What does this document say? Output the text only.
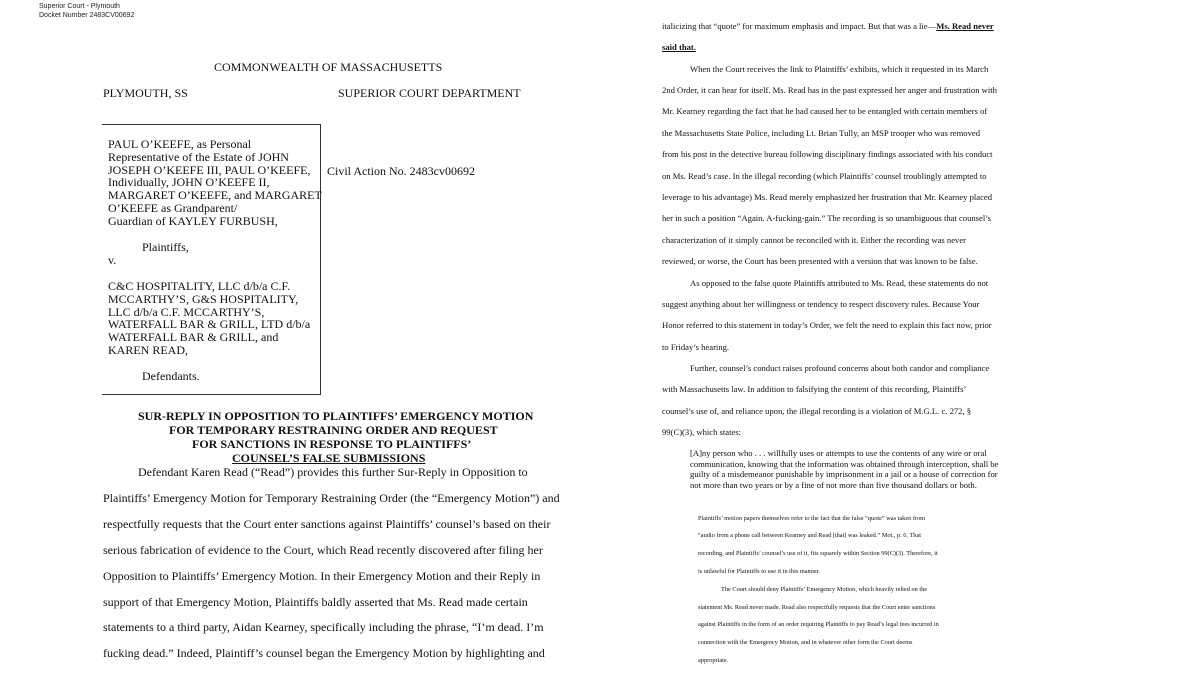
Superior Court - Plymouth
Docket Number 2483CV00692
COMMONWEALTH OF MASSACHUSETTS
PLYMOUTH, SS	SUPERIOR COURT DEPARTMENT
PAUL O’KEEFE, as Personal
Representative of the Estate of JOHN
JOSEPH O’KEEFE III, PAUL O’KEEFE,
Individually, JOHN O’KEEFE II,
MARGARET O’KEEFE, and MARGARET
O’KEEFE as Grandparent/
Guardian of KAYLEY FURBUSH,
Plaintiffs,
v.
C&C HOSPITALITY, LLC d/b/a C.F.
MCCARTHY’S, G&S HOSPITALITY,
LLC d/b/a C.F. MCCARTHY’S,
WATERFALL BAR & GRILL, LTD d/b/a
WATERFALL BAR & GRILL, and
KAREN READ,
Defendants.
Civil Action No. 2483cv00692
SUR-REPLY IN OPPOSITION TO PLAINTIFFS’ EMERGENCY MOTION
FOR TEMPORARY RESTRAINING ORDER AND REQUEST
FOR SANCTIONS IN RESPONSE TO PLAINTIFFS’
COUNSEL’S FALSE SUBMISSIONS
Defendant Karen Read (“Read”) provides this further Sur-Reply in Opposition to
Plaintiffs’ Emergency Motion for Temporary Restraining Order (the “Emergency Motion”) and
respectfully requests that the Court enter sanctions against Plaintiffs’ counsel’s based on their
serious fabrication of evidence to the Court, which Read recently discovered after filing her
Opposition to Plaintiffs’ Emergency Motion. In their Emergency Motion and their Reply in
support of that Emergency Motion, Plaintiffs baldly asserted that Ms. Read made certain
statements to a third party, Aidan Kearney, specifically including the phrase, “I’m dead. I’m
fucking dead.” Indeed, Plaintiff’s counsel began the Emergency Motion by highlighting and
italicizing that “quote” for maximum emphasis and impact. But that was a lie—Ms. Read never
said that.
When the Court receives the link to Plaintiffs’ exhibits, which it requested in its March
2nd Order, it can hear for itself. Ms. Read has in the past expressed her anger and frustration with
Mr. Kearney regarding the fact that he had caused her to be entangled with certain members of
the Massachusetts State Police, including Lt. Brian Tully, an MSP trooper who was removed
from his post in the detective bureau following disciplinary findings associated with his conduct
on Ms. Read’s case. In the illegal recording (which Plaintiffs’ counsel troublingly attempted to
leverage to his advantage) Ms. Read merely emphasized her frustration that Mr. Kearney placed
her in such a position “Again. A-fucking-gain.” The recording is so unambiguous that counsel’s
characterization of it simply cannot be reconciled with it. Either the recording was never
reviewed, or worse, the Court has been presented with a version that was known to be false.
As opposed to the false quote Plaintiffs attributed to Ms. Read, these statements do not
suggest anything about her willingness or tendency to respect discovery rules. Because Your
Honor referred to this statement in today’s Order, we felt the need to explain this fact now, prior
to Friday’s hearing.
Further, counsel’s conduct raises profound concerns about both candor and compliance
with Massachusetts law. In addition to falsifying the content of this recording, Plaintiffs’
counsel’s use of, and reliance upon, the illegal recording is a violation of M.G.L. c. 272, §
99(C)(3), which states:
[A]ny person who . . . willfully uses or attempts to use the contents of any wire or oral
communication, knowing that the information was obtained through interception, shall be
guilty of a misdemeanor punishable by imprisonment in a jail or a house of correction for
not more than two years or by a fine of not more than five thousand dollars or both.
Plaintiffs’ motion papers themselves refer to the fact that the false “quote” was taken from
“audio from a phone call between Kearney and Read [that] was leaked.” Mot., p. 6. That
recording, and Plaintiffs’ counsel’s use of it, fits squarely within Section 99(C)(3). Therefore, it
is unlawful for Plaintiffs to use it in this manner.
The Court should deny Plaintiffs’ Emergency Motion, which heavily relied on the
statement Ms. Read never made. Read also respectfully requests that the Court enter sanctions
against Plaintiffs in the form of an order requiring Plaintiffs to pay Read’s legal fees incurred in
connection with the Emergency Motion, and in whatever other form the Court deems
appropriate.
